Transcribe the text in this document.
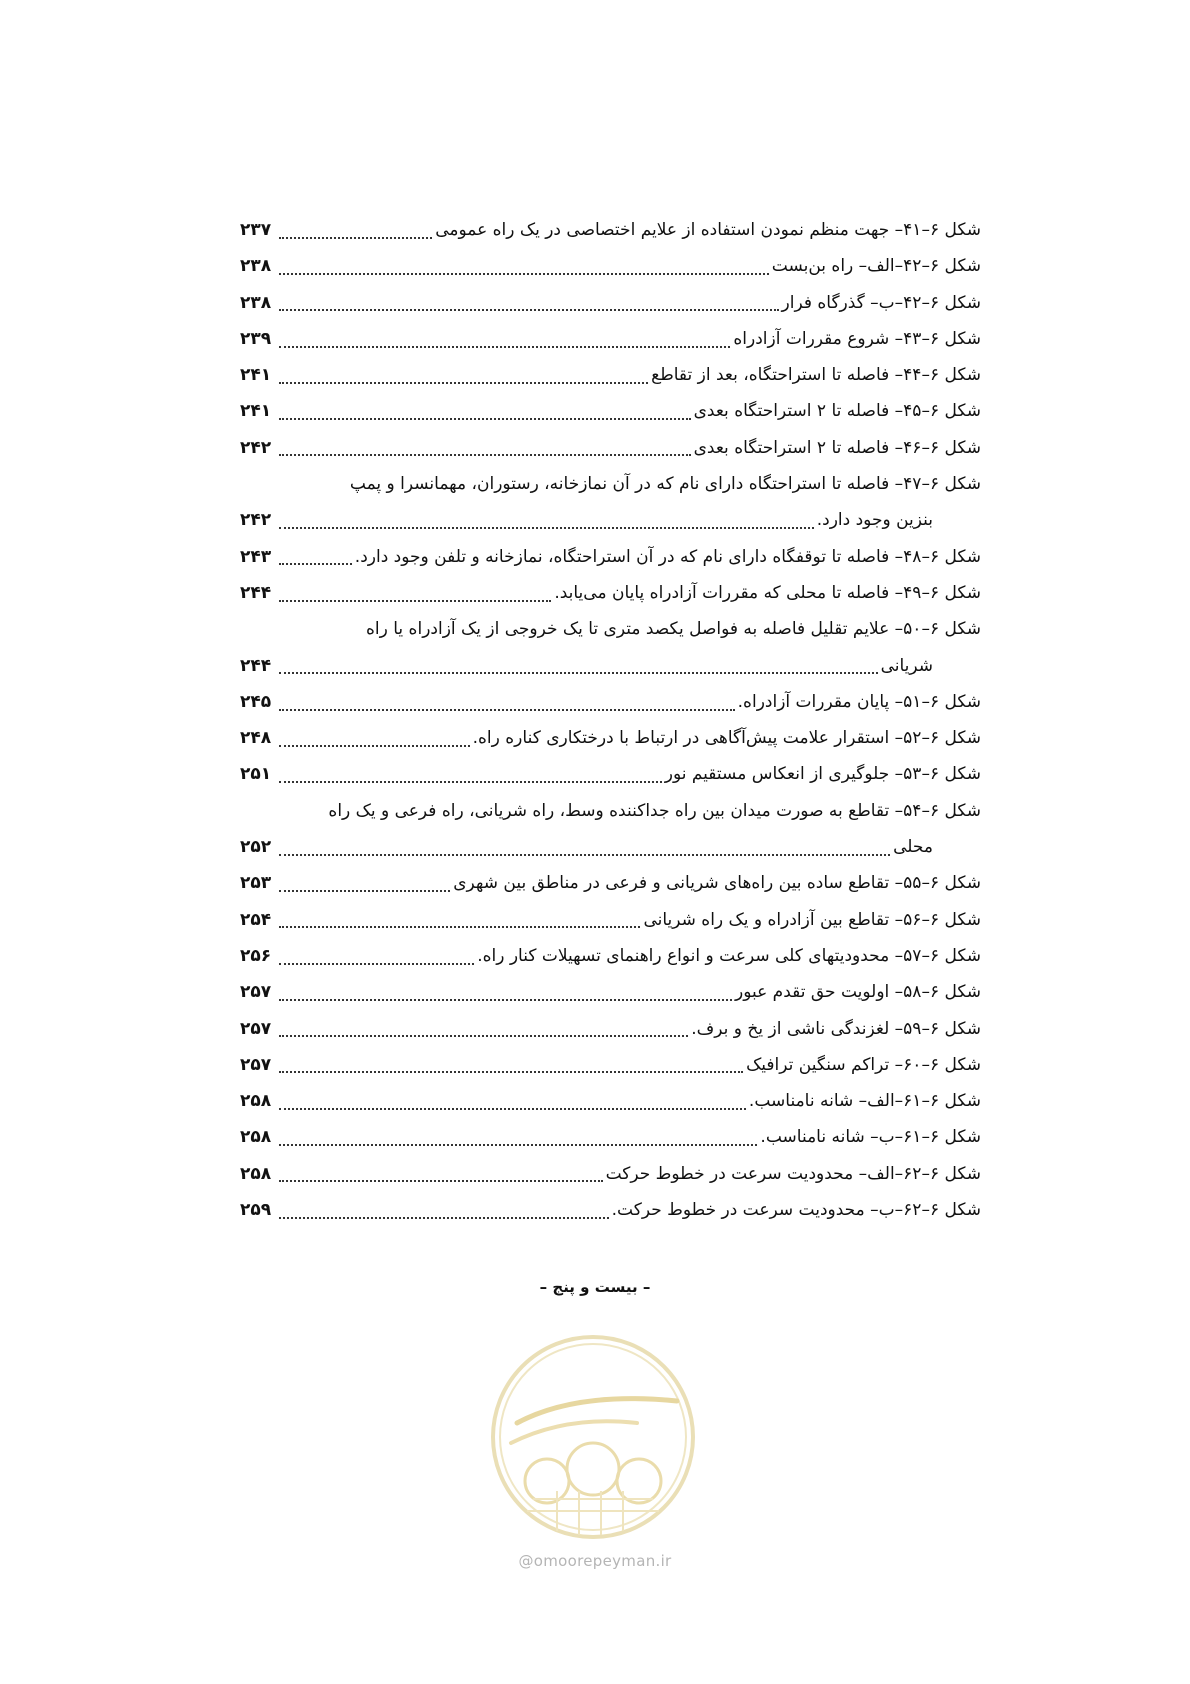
شکل ۶–۴۱– جهت منظم نمودن استفاده از علایم اختصاصی در یک راه عمومی
۲۳۷
شکل ۶–۴۲–الف– راه بن‌بست
۲۳۸
شکل ۶–۴۲–ب– گذرگاه فرار
۲۳۸
شکل ۶–۴۳– شروع مقررات آزادراه
۲۳۹
شکل ۶–۴۴– فاصله تا استراحتگاه، بعد از تقاطع
۲۴۱
شکل ۶–۴۵– فاصله تا ۲ استراحتگاه بعدی
۲۴۱
شکل ۶–۴۶– فاصله تا ۲ استراحتگاه بعدی
۲۴۲
شکل ۶–۴۷– فاصله تا استراحتگاه دارای نام که در آن نمازخانه، رستوران، مهمانسرا و پمپ
بنزین وجود دارد.
۲۴۲
شکل ۶–۴۸– فاصله تا توقفگاه دارای نام که در آن استراحتگاه، نمازخانه و تلفن وجود دارد.
۲۴۳
شکل ۶–۴۹– فاصله تا محلی که مقررات آزادراه پایان می‌یابد.
۲۴۴
شکل ۶–۵۰– علایم تقلیل فاصله به فواصل یکصد متری تا یک خروجی از یک آزادراه یا راه
شریانی
۲۴۴
شکل ۶–۵۱– پایان مقررات آزادراه.
۲۴۵
شکل ۶–۵۲– استقرار علامت پیش‌آگاهی در ارتباط با درختکاری کناره راه.
۲۴۸
شکل ۶–۵۳– جلوگیری از انعکاس مستقیم نور
۲۵۱
شکل ۶–۵۴– تقاطع به صورت میدان بین راه جداکننده وسط، راه شریانی، راه فرعی و یک راه
محلی
۲۵۲
شکل ۶–۵۵– تقاطع ساده بین راه‌های شریانی و فرعی در مناطق بین شهری
۲۵۳
شکل ۶–۵۶– تقاطع بین آزادراه و یک راه شریانی
۲۵۴
شکل ۶–۵۷– محدودیتهای کلی سرعت و انواع راهنمای تسهیلات کنار راه.
۲۵۶
شکل ۶–۵۸– اولویت حق تقدم عبور
۲۵۷
شکل ۶–۵۹– لغزندگی ناشی از یخ و برف.
۲۵۷
شکل ۶–۶۰– تراکم سنگین ترافیک
۲۵۷
شکل ۶–۶۱–الف– شانه نامناسب.
۲۵۸
شکل ۶–۶۱–ب– شانه نامناسب.
۲۵۸
شکل ۶–۶۲–الف– محدودیت سرعت در خطوط حرکت
۲۵۸
شکل ۶–۶۲–ب– محدودیت سرعت در خطوط حرکت.
۲۵۹
– بیست و پنج –
@omoorepeyman.ir
